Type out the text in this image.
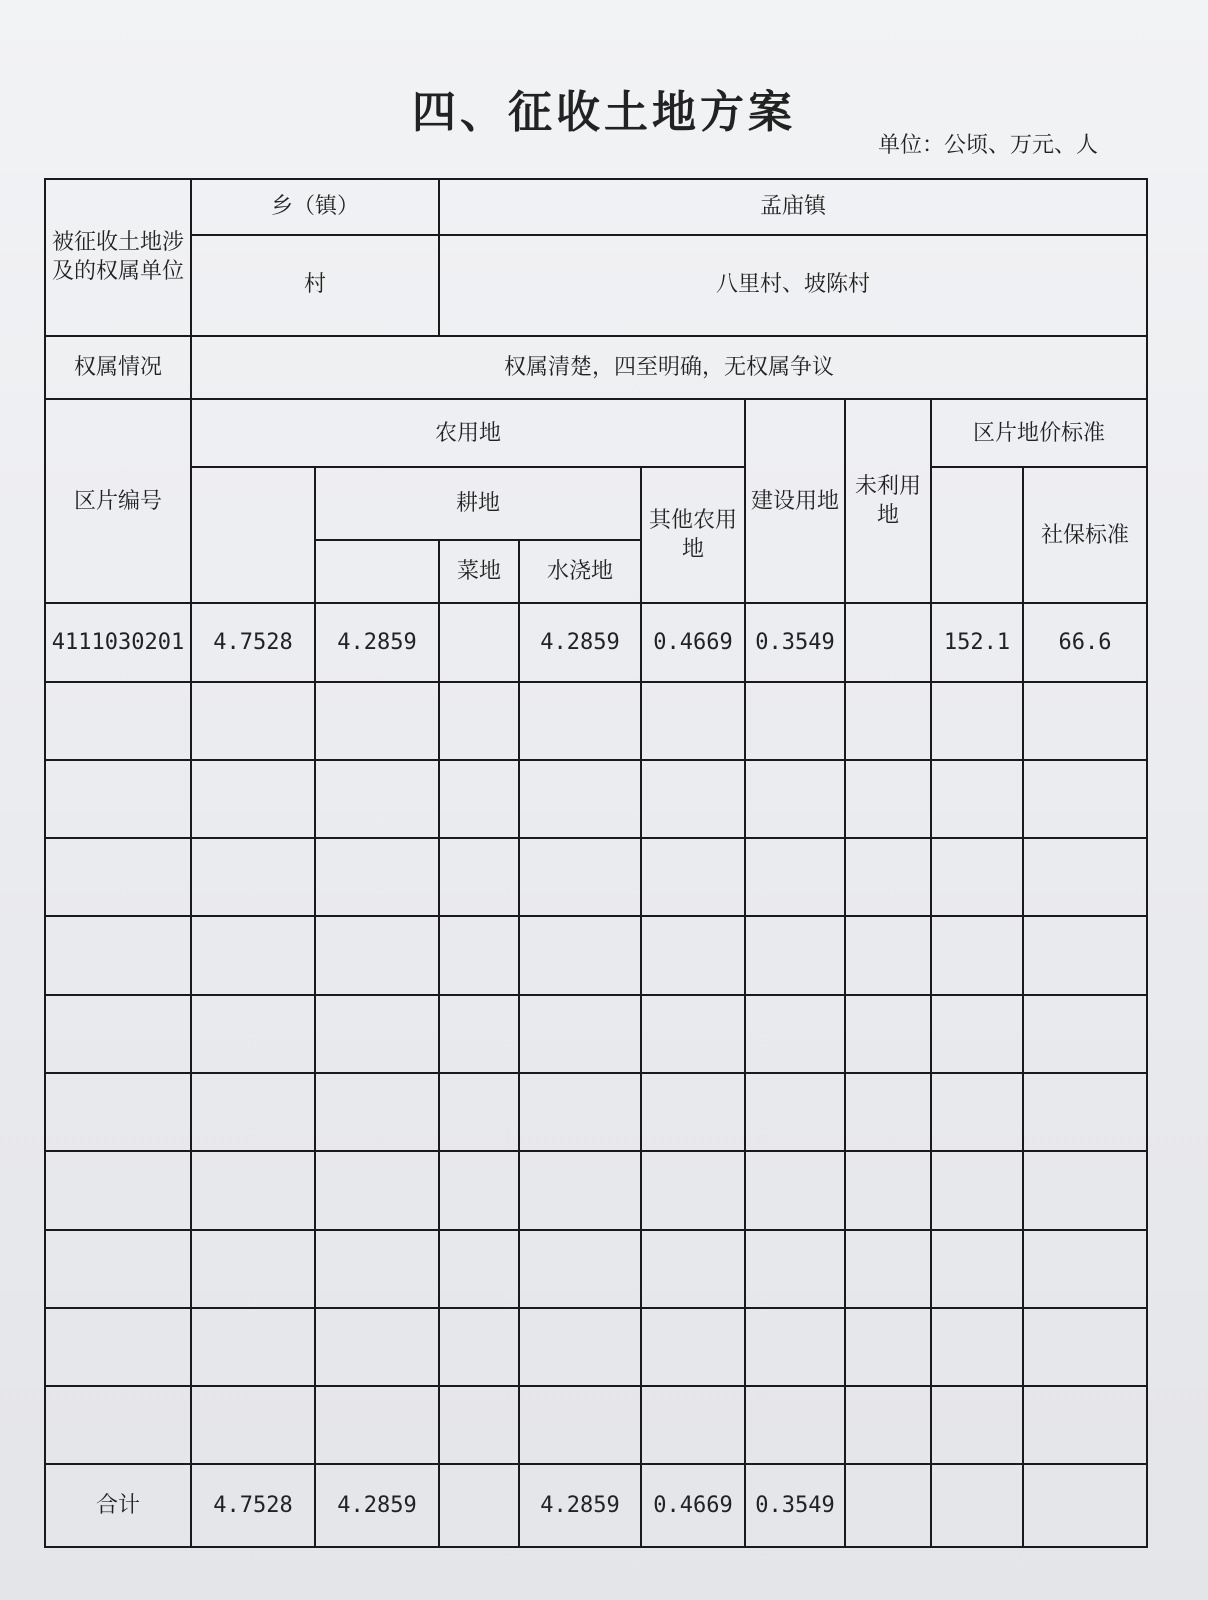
四、征收土地方案
单位：公顷、万元、人
被征收土地涉及的权属单位	乡（镇）		孟庙镇						
	村		八里村、坡陈村						
权属情况	权属清楚，四至明确，无权属争议								
区片编号	农用地					建设用地	未利用地	区片地价标准	
		耕地			其他农用地				社保标准
			菜地	水浇地					
4111030201	4.7528	4.2859		4.2859	0.4669	0.3549		152.1	66.6

合计	4.7528	4.2859		4.2859	0.4669	0.3549			
